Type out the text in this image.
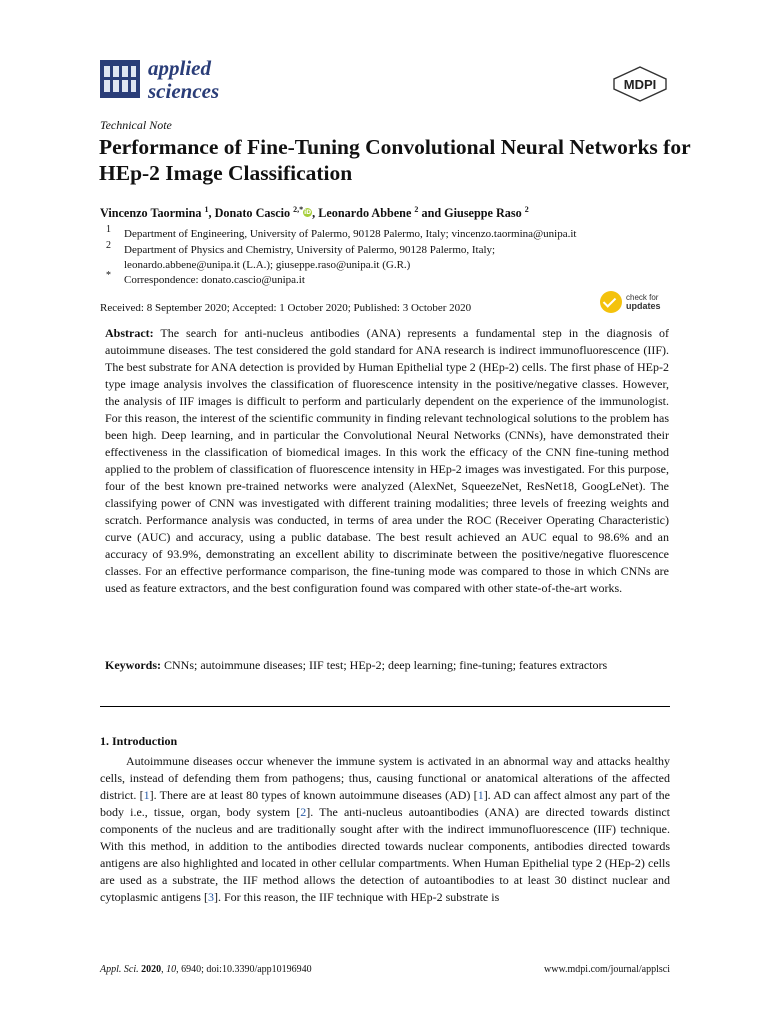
applied
sciences	MDPI
Technical Note
Performance of Fine-Tuning Convolutional Neural Networks for HEp-2 Image Classification
Vincenzo Taormina $^1$, Donato Cascio $^{2,*}$iD, Leonardo Abbene $^2$ and Giuseppe Raso $^2$
1 Department of Engineering, University of Palermo, 90128 Palermo, Italy; vincenzo.taormina@unipa.it
2 Department of Physics and Chemistry, University of Palermo, 90128 Palermo, Italy;
leonardo.abbene@unipa.it (L.A.); giuseppe.raso@unipa.it (G.R.)
* Correspondence: donato.cascio@unipa.it
Received: 8 September 2020; Accepted: 1 October 2020; Published: 3 October 2020
check for
updates
Abstract: The search for anti-nucleus antibodies (ANA) represents a fundamental step in the diagnosis of autoimmune diseases. The test considered the gold standard for ANA research is indirect immunofluorescence (IIF). The best substrate for ANA detection is provided by Human Epithelial type 2 (HEp-2) cells. The first phase of HEp-2 type image analysis involves the classification of fluorescence intensity in the positive/negative classes. However, the analysis of IIF images is difficult to perform and particularly dependent on the experience of the immunologist. For this reason, the interest of the scientific community in finding relevant technological solutions to the problem has been high. Deep learning, and in particular the Convolutional Neural Networks (CNNs), have demonstrated their effectiveness in the classification of biomedical images. In this work the efficacy of the CNN fine-tuning method applied to the problem of classification of fluorescence intensity in HEp-2 images was investigated. For this purpose, four of the best known pre-trained networks were analyzed (AlexNet, SqueezeNet, ResNet18, GoogLeNet). The classifying power of CNN was investigated with different training modalities; three levels of freezing weights and scratch. Performance analysis was conducted, in terms of area under the ROC (Receiver Operating Characteristic) curve (AUC) and accuracy, using a public database. The best result achieved an AUC equal to 98.6% and an accuracy of 93.9%, demonstrating an excellent ability to discriminate between the positive/negative fluorescence classes. For an effective performance comparison, the fine-tuning mode was compared to those in which CNNs are used as feature extractors, and the best configuration found was compared with other state-of-the-art works.
Keywords: CNNs; autoimmune diseases; IIF test; HEp-2; deep learning; fine-tuning; features extractors
1. Introduction
Autoimmune diseases occur whenever the immune system is activated in an abnormal way and attacks healthy cells, instead of defending them from pathogens; thus, causing functional or anatomical alterations of the affected district. [1]. There are at least 80 types of known autoimmune diseases (AD) [1]. AD can affect almost any part of the body i.e., tissue, organ, body system [2]. The anti-nucleus autoantibodies (ANA) are directed towards distinct components of the nucleus and are traditionally sought after with the indirect immunofluorescence (IIF) technique. With this method, in addition to the antibodies directed towards nuclear components, antibodies directed towards antigens are also highlighted and located in other cellular compartments. When Human Epithelial type 2 (HEp-2) cells are used as a substrate, the IIF method allows the detection of autoantibodies to at least 30 distinct nuclear and cytoplasmic antigens [3]. For this reason, the IIF technique with HEp-2 substrate is
Appl. Sci. 2020, 10, 6940; doi:10.3390/app10196940	www.mdpi.com/journal/applsci
